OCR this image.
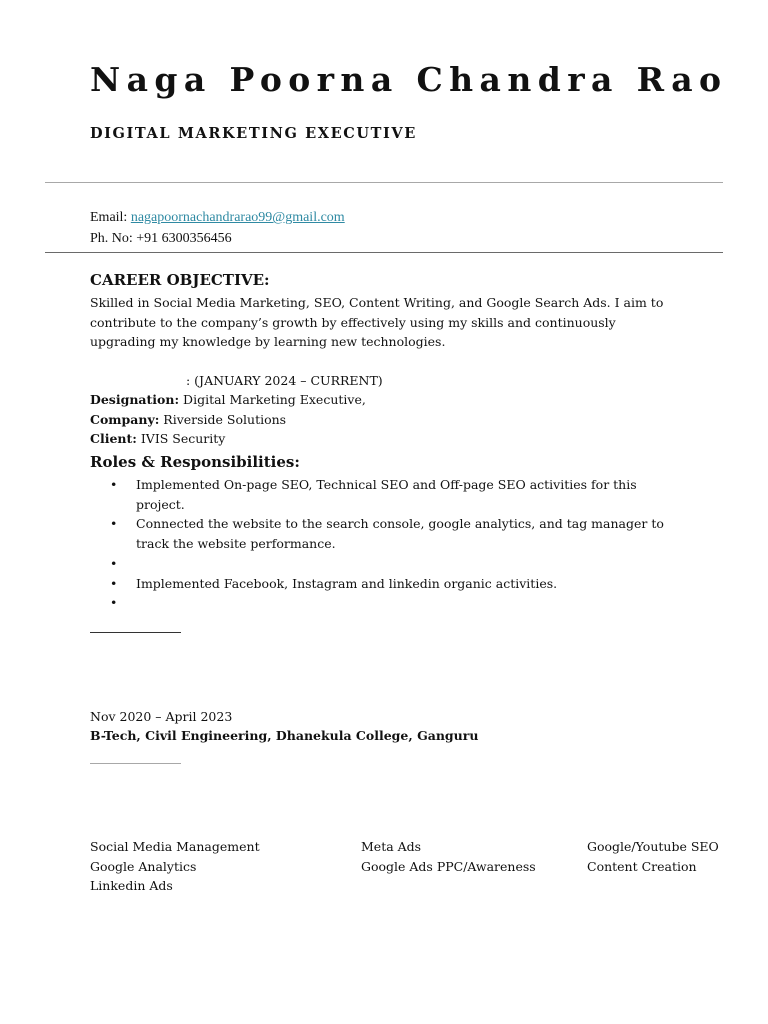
Naga Poorna Chandra Rao
DIGITAL MARKETING EXECUTIVE
Email: nagapoornachandrarao99@gmail.com
Ph. No: +91 6300356456
CAREER OBJECTIVE:
Skilled in Social Media Marketing, SEO, Content Writing, and Google Search Ads. I aim to contribute to the company’s growth by effectively using my skills and continuously upgrading my knowledge by learning new technologies.
: (JANUARY 2024 – CURRENT)
Designation: Digital Marketing Executive,
Company: Riverside Solutions
Client: IVIS Security
Roles & Responsibilities:
• Implemented On-page SEO, Technical SEO and Off-page SEO activities for this project.
• Connected the website to the search console, google analytics, and tag manager to track the website performance.
•
• Implemented Facebook, Instagram and linkedin organic activities.
•
Nov 2020 – April 2023
B-Tech, Civil Engineering, Dhanekula College, Ganguru
Social Media Management
Google Analytics
Linkedin Ads
Meta Ads
Google Ads PPC/Awareness
Google/Youtube SEO
Content Creation
